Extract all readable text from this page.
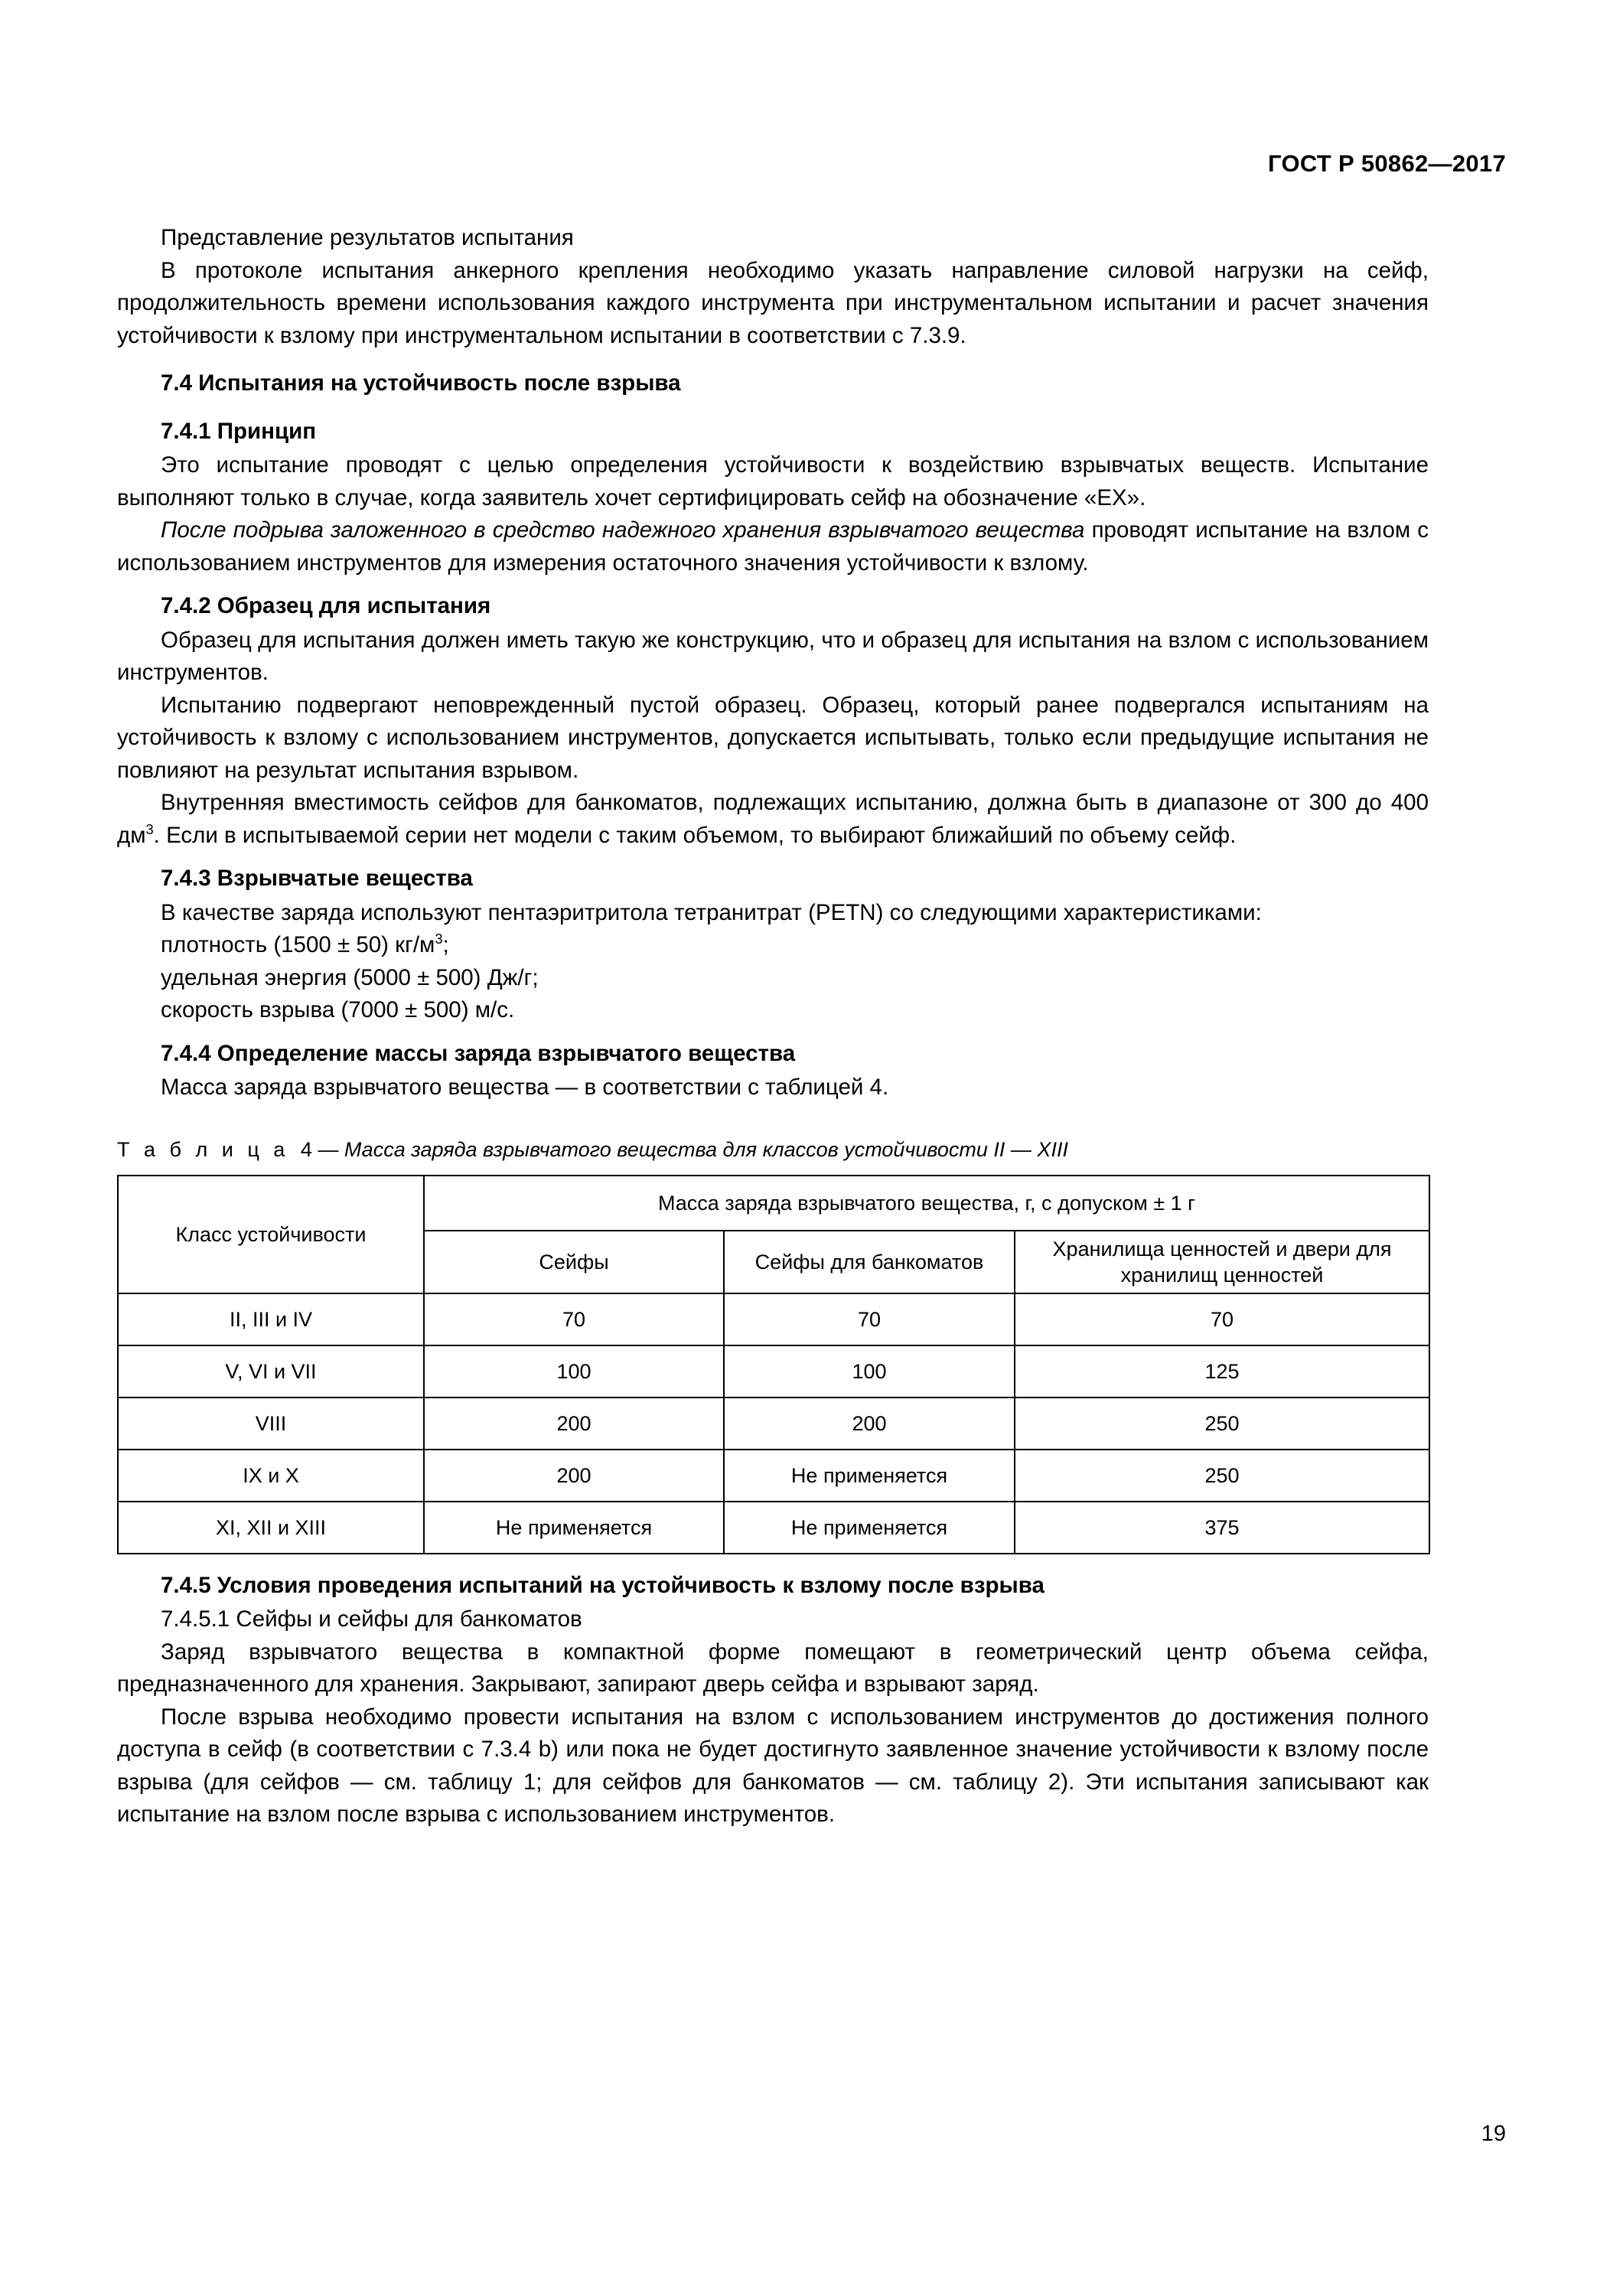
ГОСТ Р 50862—2017

Представление результатов испытания

В протоколе испытания анкерного крепления необходимо указать направление силовой нагрузки на сейф, продолжительность времени использования каждого инструмента при инструментальном испытании и расчет значения устойчивости к взлому при инструментальном испытании в соответствии с 7.3.9.

7.4 Испытания на устойчивость после взрыва

7.4.1 Принцип

Это испытание проводят с целью определения устойчивости к воздействию взрывчатых веществ. Испытание выполняют только в случае, когда заявитель хочет сертифицировать сейф на обозначение «EX».

После подрыва заложенного в средство надежного хранения взрывчатого вещества проводят испытание на взлом с использованием инструментов для измерения остаточного значения устойчивости к взлому.

7.4.2 Образец для испытания

Образец для испытания должен иметь такую же конструкцию, что и образец для испытания на взлом с использованием инструментов.

Испытанию подвергают неповрежденный пустой образец. Образец, который ранее подвергался испытаниям на устойчивость к взлому с использованием инструментов, допускается испытывать, только если предыдущие испытания не повлияют на результат испытания взрывом.

Внутренняя вместимость сейфов для банкоматов, подлежащих испытанию, должна быть в диапазоне от 300 до 400 $дм^3$. Если в испытываемой серии нет модели с таким объемом, то выбирают ближайший по объему сейф.

7.4.3 Взрывчатые вещества

В качестве заряда используют пентаэритритола тетранитрат (PETN) со следующими характеристиками:

плотность (1500 ± 50) $кг/м^3$;

удельная энергия (5000 ± 500) Дж/г;

скорость взрыва (7000 ± 500) м/с.

7.4.4 Определение массы заряда взрывчатого вещества

Масса заряда взрывчатого вещества — в соответствии с таблицей 4.

Т а б л и ц а 4 — Масса заряда взрывчатого вещества для классов устойчивости II — XIII

Класс устойчивости	Масса заряда взрывчатого вещества, г, с допуском ± 1 г		
	Сейфы	Сейфы для банкоматов	Хранилища ценностей и двери для хранилищ ценностей
II, III и IV	70	70	70
V, VI и VII	100	100	125
VIII	200	200	250
IX и X	200	Не применяется	250
XI, XII и XIII	Не применяется	Не применяется	375

7.4.5 Условия проведения испытаний на устойчивость к взлому после взрыва

7.4.5.1 Сейфы и сейфы для банкоматов

Заряд взрывчатого вещества в компактной форме помещают в геометрический центр объема сейфа, предназначенного для хранения. Закрывают, запирают дверь сейфа и взрывают заряд.

После взрыва необходимо провести испытания на взлом с использованием инструментов до достижения полного доступа в сейф (в соответствии с 7.3.4 b) или пока не будет достигнуто заявленное значение устойчивости к взлому после взрыва (для сейфов — см. таблицу 1; для сейфов для банкоматов — см. таблицу 2). Эти испытания записывают как испытание на взлом после взрыва с использованием инструментов.

19
